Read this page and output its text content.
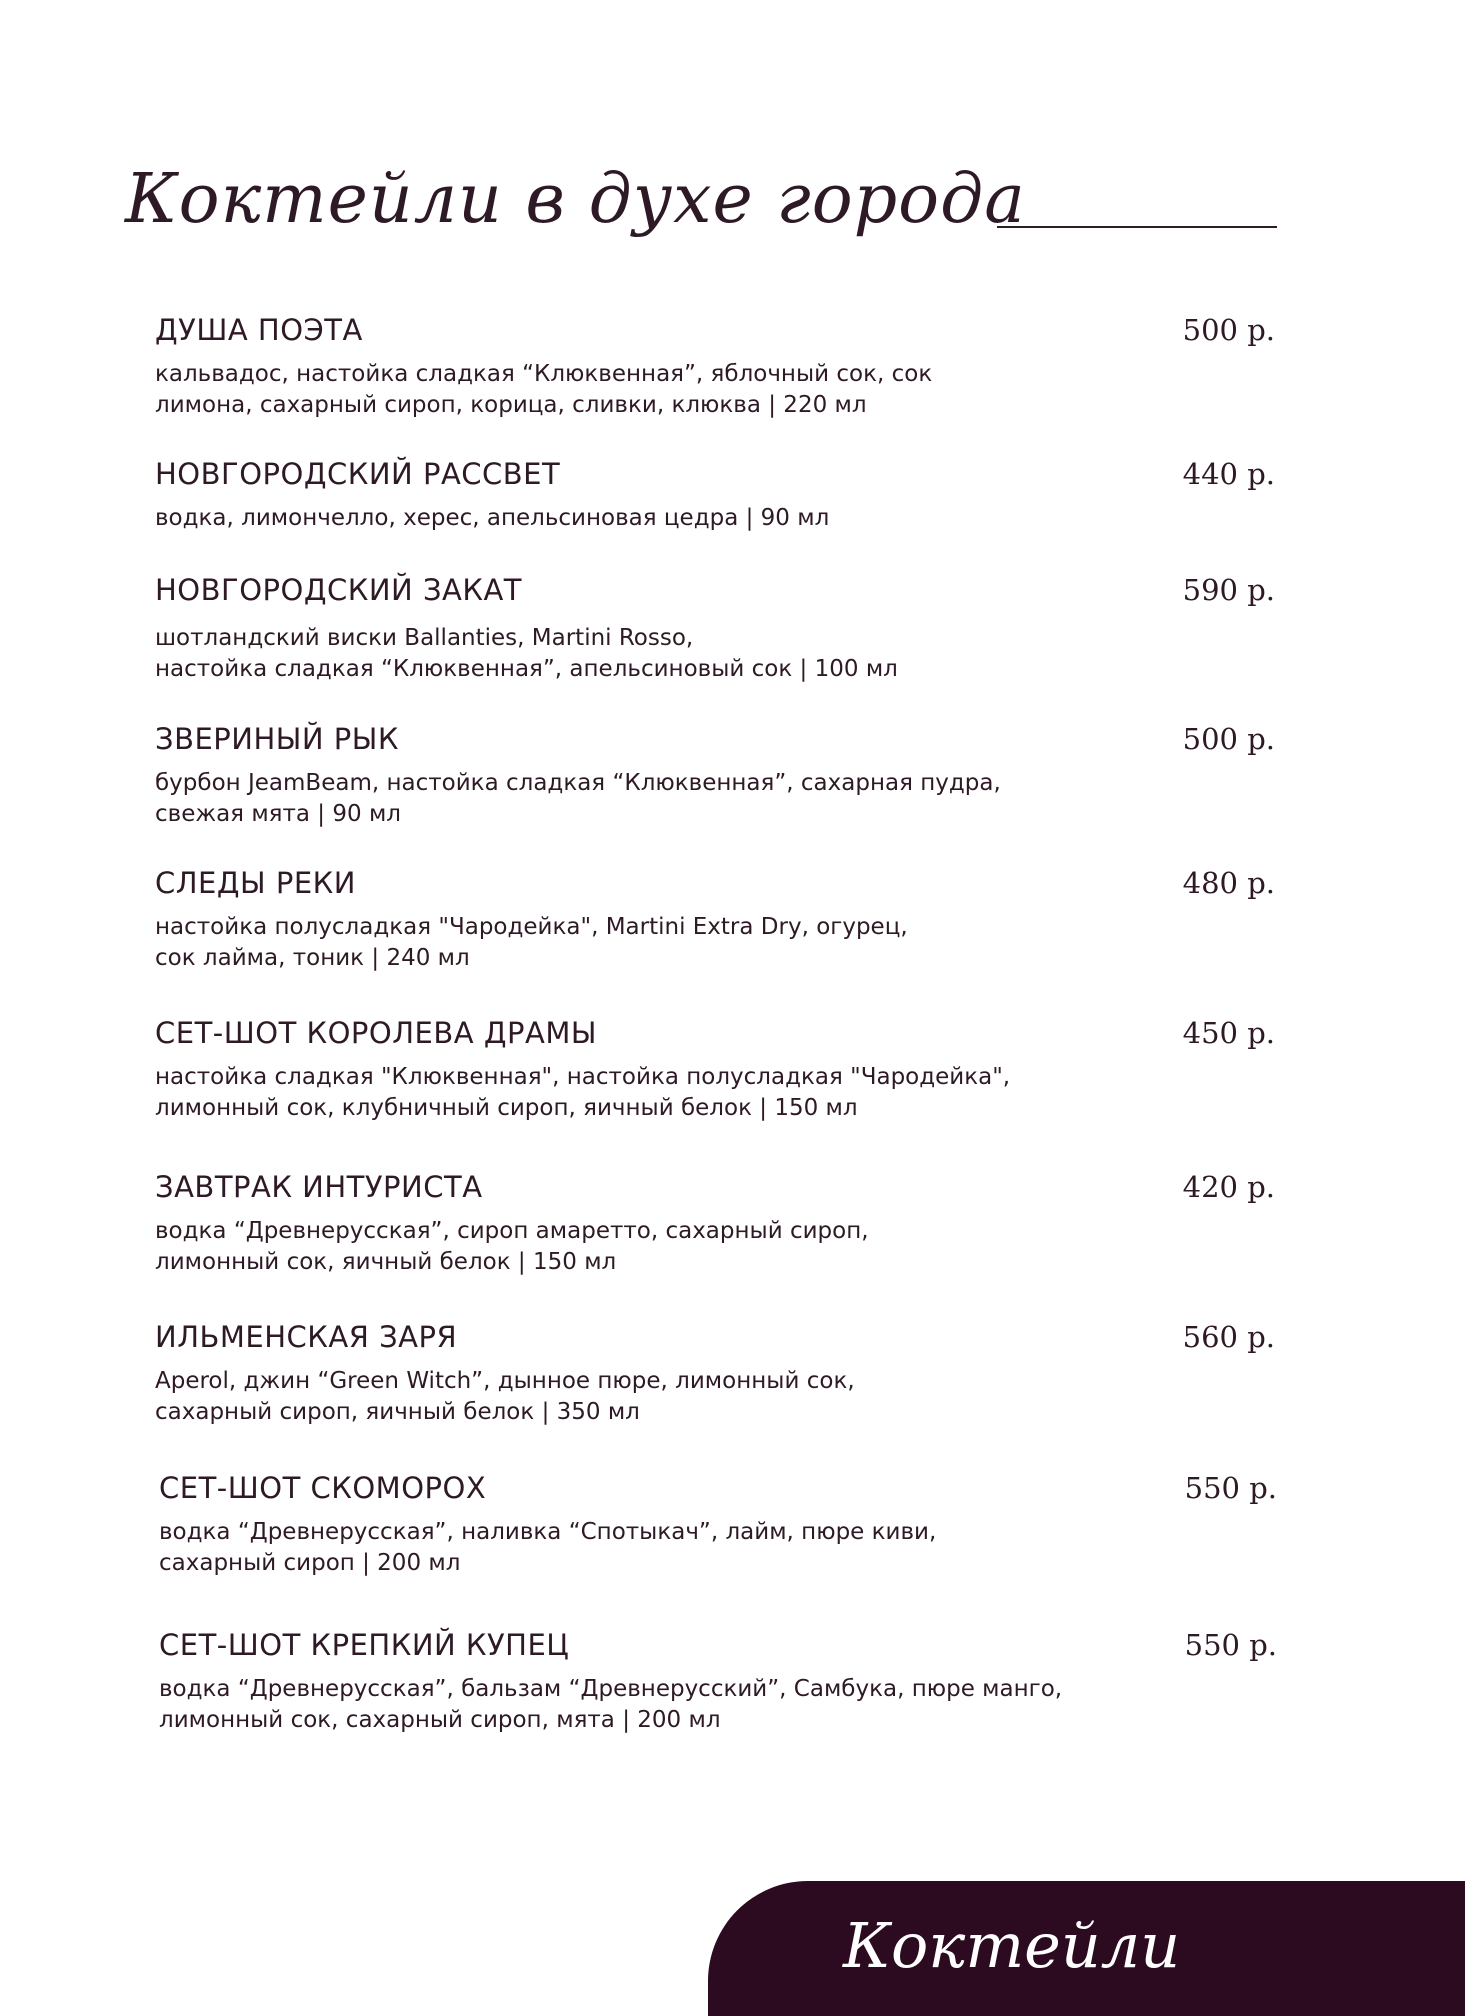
Коктейли в духе города
ДУША ПОЭТА	500 р.
кальвадос, настойка сладкая “Клюквенная”, яблочный сок, сок
лимона, сахарный сироп, корица, сливки, клюква | 220 мл
НОВГОРОДСКИЙ РАССВЕТ	440 р.
водка, лимончелло, херес, апельсиновая цедра | 90 мл
НОВГОРОДСКИЙ ЗАКАТ	590 р.
шотландский виски Ballanties, Martini Rosso,
настойка сладкая “Клюквенная”, апельсиновый сок | 100 мл
ЗВЕРИНЫЙ РЫК	500 р.
бурбон JeamBeam, настойка сладкая “Клюквенная”, сахарная пудра,
свежая мята | 90 мл
СЛЕДЫ РЕКИ	480 р.
настойка полусладкая "Чародейка", Martini Extra Dry, огурец,
сок лайма, тоник | 240 мл
СЕТ-ШОТ КОРОЛЕВА ДРАМЫ	450 р.
настойка сладкая "Клюквенная", настойка полусладкая "Чародейка",
лимонный сок, клубничный сироп, яичный белок | 150 мл
ЗАВТРАК ИНТУРИСТА	420 р.
водка “Древнерусская”, сироп амаретто, сахарный сироп,
лимонный сок, яичный белок | 150 мл
ИЛЬМЕНСКАЯ ЗАРЯ	560 р.
Aperol, джин “Green Witch”, дынное пюре, лимонный сок,
сахарный сироп, яичный белок | 350 мл
СЕТ-ШОТ СКОМОРОХ	550 р.
водка “Древнерусская”, наливка “Спотыкач”, лайм, пюре киви,
сахарный сироп | 200 мл
СЕТ-ШОТ КРЕПКИЙ КУПЕЦ	550 р.
водка “Древнерусская”, бальзам “Древнерусский”, Самбука, пюре манго,
лимонный сок, сахарный сироп, мята | 200 мл
Коктейли
